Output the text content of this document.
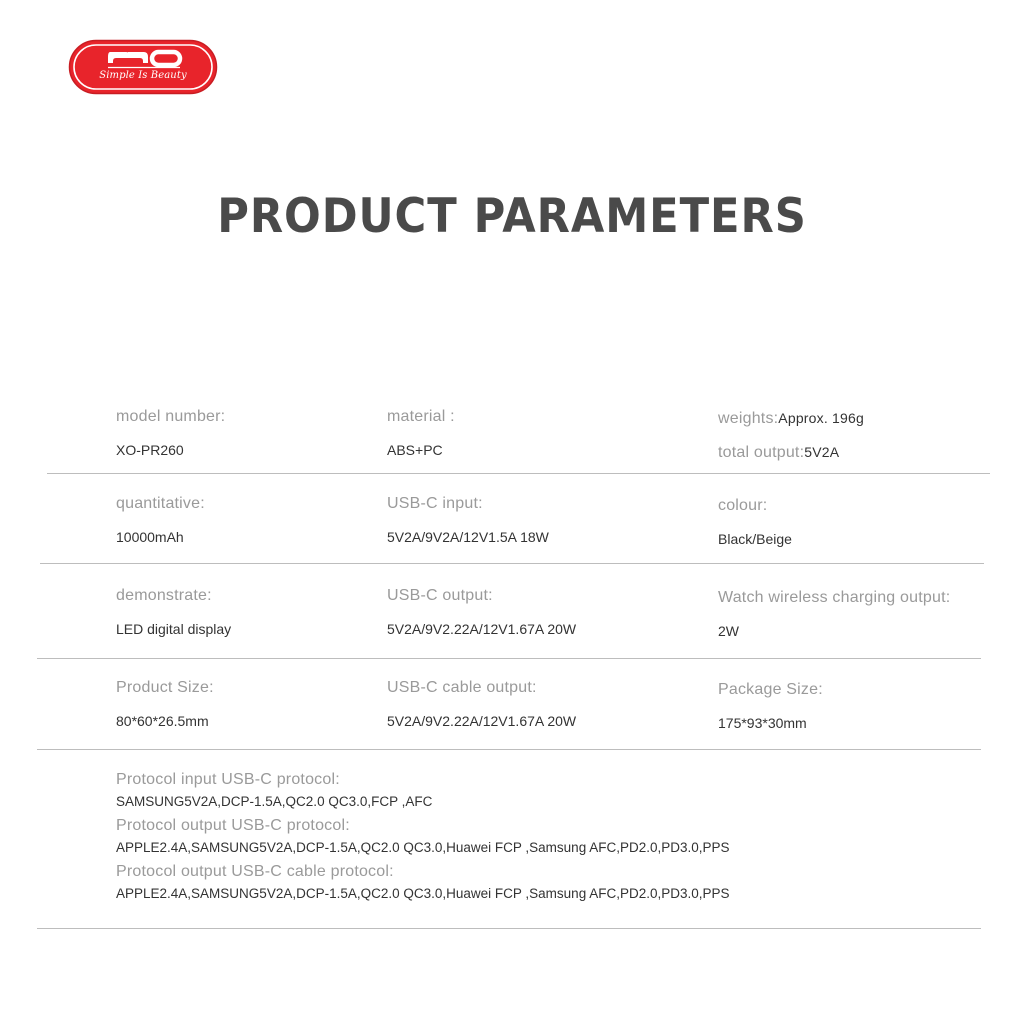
Simple Is Beauty
PRODUCT PARAMETERS
model number:
XO-PR260
material :
ABS+PC
weights:Approx. 196g
total output:5V2A
quantitative:
10000mAh
USB-C input:
5V2A/9V2A/12V1.5A 18W
colour:
Black/Beige
demonstrate:
LED digital display
USB-C output:
5V2A/9V2.22A/12V1.67A 20W
Watch wireless charging output:
2W
Product Size:
80*60*26.5mm
USB-C cable output:
5V2A/9V2.22A/12V1.67A 20W
Package Size:
175*93*30mm
Protocol input USB-C protocol:
SAMSUNG5V2A,DCP-1.5A,QC2.0 QC3.0,FCP ,AFC
Protocol output USB-C protocol:
APPLE2.4A,SAMSUNG5V2A,DCP-1.5A,QC2.0 QC3.0,Huawei FCP ,Samsung AFC,PD2.0,PD3.0,PPS
Protocol output USB-C cable protocol:
APPLE2.4A,SAMSUNG5V2A,DCP-1.5A,QC2.0 QC3.0,Huawei FCP ,Samsung AFC,PD2.0,PD3.0,PPS
